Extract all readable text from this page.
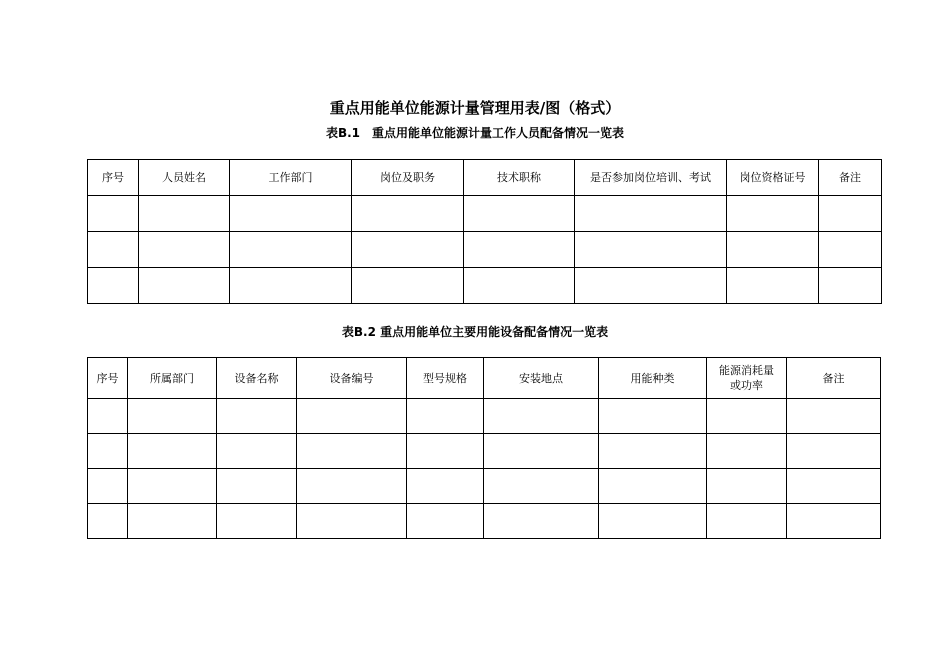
重点用能单位能源计量管理用表/图（格式）
表B.1　重点用能单位能源计量工作人员配备情况一览表
序号	人员姓名	工作部门	岗位及职务	技术职称	是否参加岗位培训、考试	岗位资格证号	备注

表B.2 重点用能单位主要用能设备配备情况一览表
序号	所属部门	设备名称	设备编号	型号规格	安装地点	用能种类	能源消耗量
或功率	备注
